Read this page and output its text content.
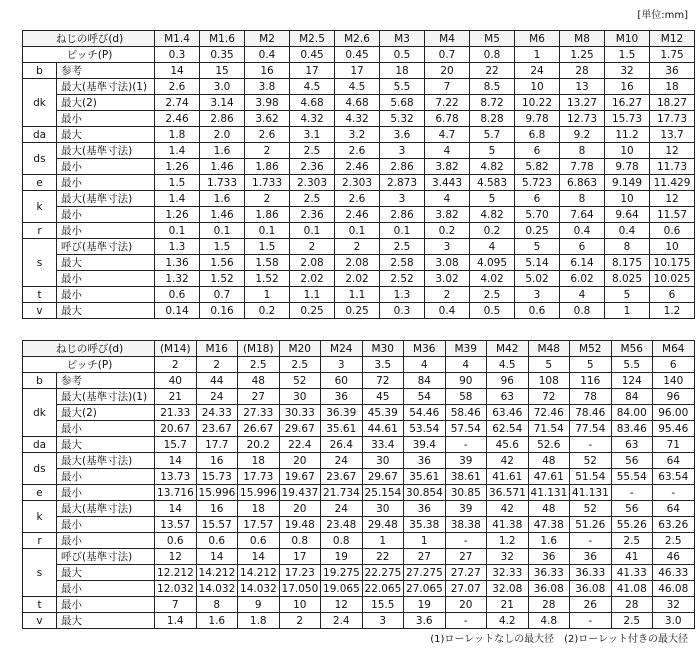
[単位:mm]
ねじの呼び(d)		M1.4	M1.6	M2	M2.5	M2.6	M3	M4	M5	M6	M8	M10	M12
ピッチ(P)		0.3	0.35	0.4	0.45	0.45	0.5	0.7	0.8	1	1.25	1.5	1.75
b	参考	14	15	16	17	17	18	20	22	24	28	32	36
dk	最大(基準寸法)(1)	2.6	3.0	3.8	4.5	4.5	5.5	7	8.5	10	13	16	18
	最大(2)	2.74	3.14	3.98	4.68	4.68	5.68	7.22	8.72	10.22	13.27	16.27	18.27
	最小	2.46	2.86	3.62	4.32	4.32	5.32	6.78	8.28	9.78	12.73	15.73	17.73
da	最大	1.8	2.0	2.6	3.1	3.2	3.6	4.7	5.7	6.8	9.2	11.2	13.7
ds	最大(基準寸法)	1.4	1.6	2	2.5	2.6	3	4	5	6	8	10	12
	最小	1.26	1.46	1.86	2.36	2.46	2.86	3.82	4.82	5.82	7.78	9.78	11.73
e	最小	1.5	1.733	1.733	2.303	2.303	2.873	3.443	4.583	5.723	6.863	9.149	11.429
k	最大(基準寸法)	1.4	1.6	2	2.5	2.6	3	4	5	6	8	10	12
	最小	1.26	1.46	1.86	2.36	2.46	2.86	3.82	4.82	5.70	7.64	9.64	11.57
r	最小	0.1	0.1	0.1	0.1	0.1	0.1	0.2	0.2	0.25	0.4	0.4	0.6
s	呼び(基準寸法)	1.3	1.5	1.5	2	2	2.5	3	4	5	6	8	10
	最大	1.36	1.56	1.58	2.08	2.08	2.58	3.08	4.095	5.14	6.14	8.175	10.175
	最小	1.32	1.52	1.52	2.02	2.02	2.52	3.02	4.02	5.02	6.02	8.025	10.025
t	最小	0.6	0.7	1	1.1	1.1	1.3	2	2.5	3	4	5	6
v	最大	0.14	0.16	0.2	0.25	0.25	0.3	0.4	0.5	0.6	0.8	1	1.2
ねじの呼び(d)		(M14)	M16	(M18)	M20	M24	M30	M36	M39	M42	M48	M52	M56	M64
ピッチ(P)		2	2	2.5	2.5	3	3.5	4	4	4.5	5	5	5.5	6
b	参考	40	44	48	52	60	72	84	90	96	108	116	124	140
dk	最大(基準寸法)(1)	21	24	27	30	36	45	54	58	63	72	78	84	96
	最大(2)	21.33	24.33	27.33	30.33	36.39	45.39	54.46	58.46	63.46	72.46	78.46	84.00	96.00
	最小	20.67	23.67	26.67	29.67	35.61	44.61	53.54	57.54	62.54	71.54	77.54	83.46	95.46
da	最大	15.7	17.7	20.2	22.4	26.4	33.4	39.4	-	45.6	52.6	-	63	71
ds	最大(基準寸法)	14	16	18	20	24	30	36	39	42	48	52	56	64
	最小	13.73	15.73	17.73	19.67	23.67	29.67	35.61	38.61	41.61	47.61	51.54	55.54	63.54
e	最小	13.716	15.996	15.996	19.437	21.734	25.154	30.854	30.85	36.571	41.131	41.131	-	-
k	最大(基準寸法)	14	16	18	20	24	30	36	39	42	48	52	56	64
	最小	13.57	15.57	17.57	19.48	23.48	29.48	35.38	38.38	41.38	47.38	51.26	55.26	63.26
r	最小	0.6	0.6	0.6	0.8	0.8	1	1	-	1.2	1.6	-	2.5	2.5
s	呼び(基準寸法)	12	14	14	17	19	22	27	27	32	36	36	41	46
	最大	12.212	14.212	14.212	17.23	19.275	22.275	27.275	27.27	32.33	36.33	36.33	41.33	46.33
	最小	12.032	14.032	14.032	17.050	19.065	22.065	27.065	27.07	32.08	36.08	36.08	41.08	46.08
t	最小	7	8	9	10	12	15.5	19	20	21	28	26	28	32
v	最大	1.4	1.6	1.8	2	2.4	3	3.6	-	4.2	4.8	-	2.5	3.0
(1)ローレットなしの最大径　(2)ローレット付きの最大径
